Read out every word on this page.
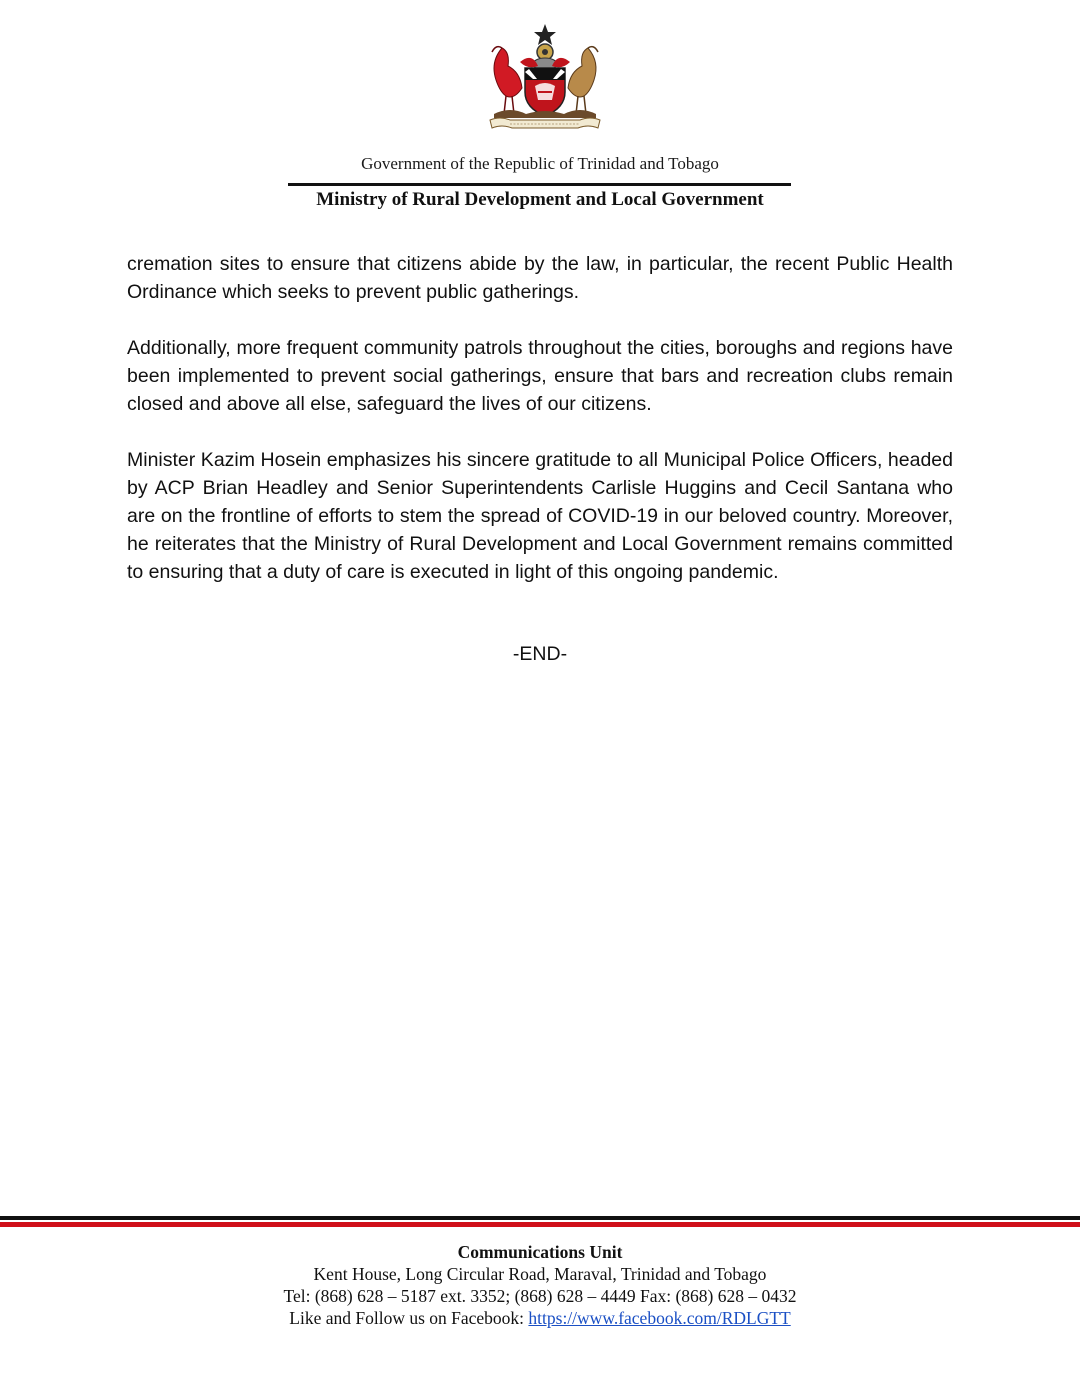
Government of the Republic of Trinidad and Tobago
Ministry of Rural Development and Local Government

cremation sites to ensure that citizens abide by the law, in particular, the recent Public Health Ordinance which seeks to prevent public gatherings.

Additionally, more frequent community patrols throughout the cities, boroughs and regions have been implemented to prevent social gatherings, ensure that bars and recreation clubs remain closed and above all else, safeguard the lives of our citizens.

Minister Kazim Hosein emphasizes his sincere gratitude to all Municipal Police Officers, headed by ACP Brian Headley and Senior Superintendents Carlisle Huggins and Cecil Santana who are on the frontline of efforts to stem the spread of COVID-19 in our beloved country. Moreover, he reiterates that the Ministry of Rural Development and Local Government remains committed to ensuring that a duty of care is executed in light of this ongoing pandemic.

-END-
Communications Unit
Kent House, Long Circular Road, Maraval, Trinidad and Tobago
Tel: (868) 628 – 5187 ext. 3352; (868) 628 – 4449 Fax: (868) 628 – 0432
Like and Follow us on Facebook: https://www.facebook.com/RDLGTT
